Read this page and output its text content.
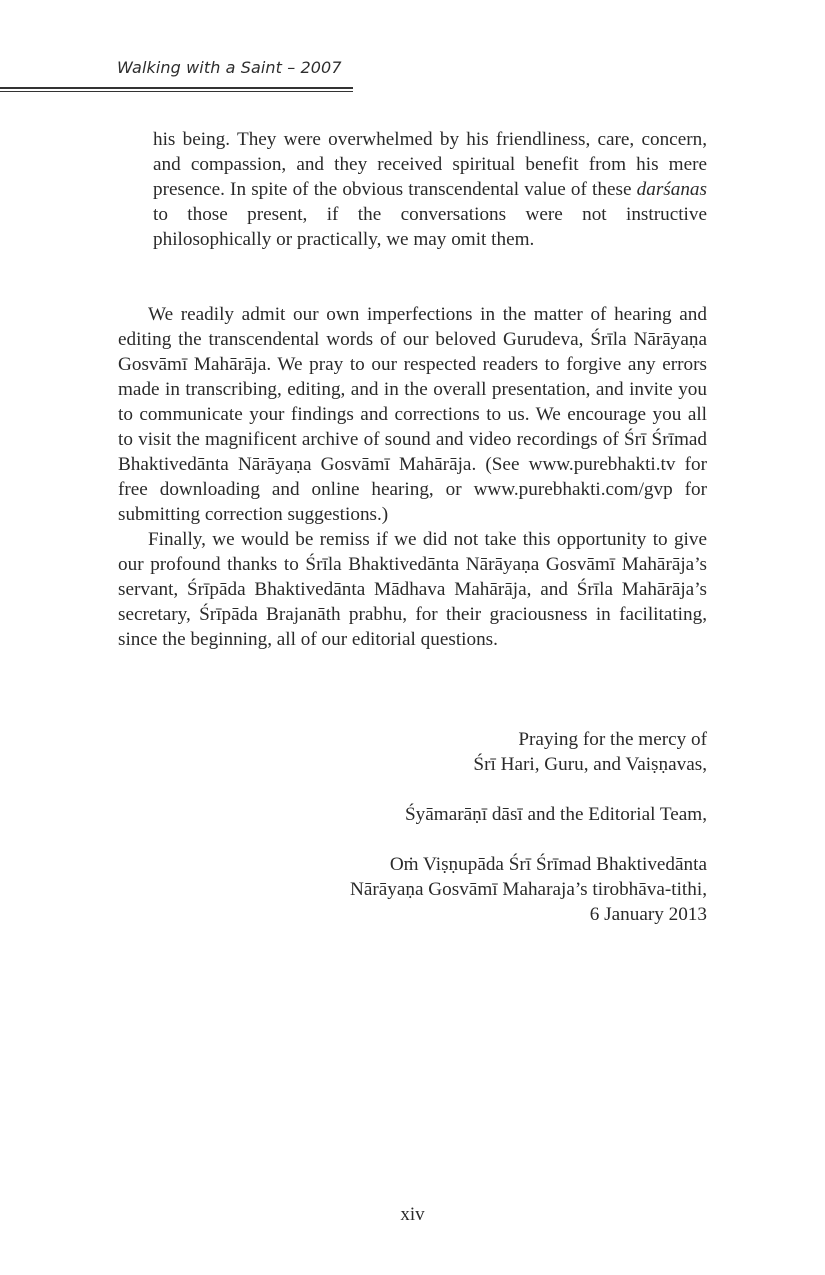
Walking with a Saint – 2007

his being. They were overwhelmed by his friendliness, care, concern, and compassion, and they received spiritual benefit from his mere presence. In spite of the obvious transcendental value of these darśanas to those present, if the conversations were not instructive philosophically or practically, we may omit them.

We readily admit our own imperfections in the matter of hearing and editing the transcendental words of our beloved Gurudeva, Śrīla Nārāyaṇa Gosvāmī Mahārāja. We pray to our respected readers to forgive any errors made in transcribing, editing, and in the overall presentation, and invite you to communicate your findings and corrections to us. We encourage you all to visit the magnificent archive of sound and video recordings of Śrī Śrīmad Bhaktivedānta Nārāyaṇa Gosvāmī Mahārāja. (See www.purebhakti.tv for free downloading and online hearing, or www.purebhakti.com/gvp for submitting correction suggestions.)

Finally, we would be remiss if we did not take this opportunity to give our profound thanks to Śrīla Bhaktivedānta Nārāyaṇa Gosvāmī Mahārāja’s servant, Śrīpāda Bhaktivedānta Mādhava Mahārāja, and Śrīla Mahārāja’s secretary, Śrīpāda Brajanāth prabhu, for their graciousness in facilitating, since the beginning, all of our editorial questions.

Praying for the mercy of

Śrī Hari, Guru, and Vaiṣṇavas,

Śyāmarāṇī dāsī and the Editorial Team,

Oṁ Viṣṇupāda Śrī Śrīmad Bhaktivedānta

Nārāyaṇa Gosvāmī Maharaja’s tirobhāva-tithi,

6 January 2013

xiv
